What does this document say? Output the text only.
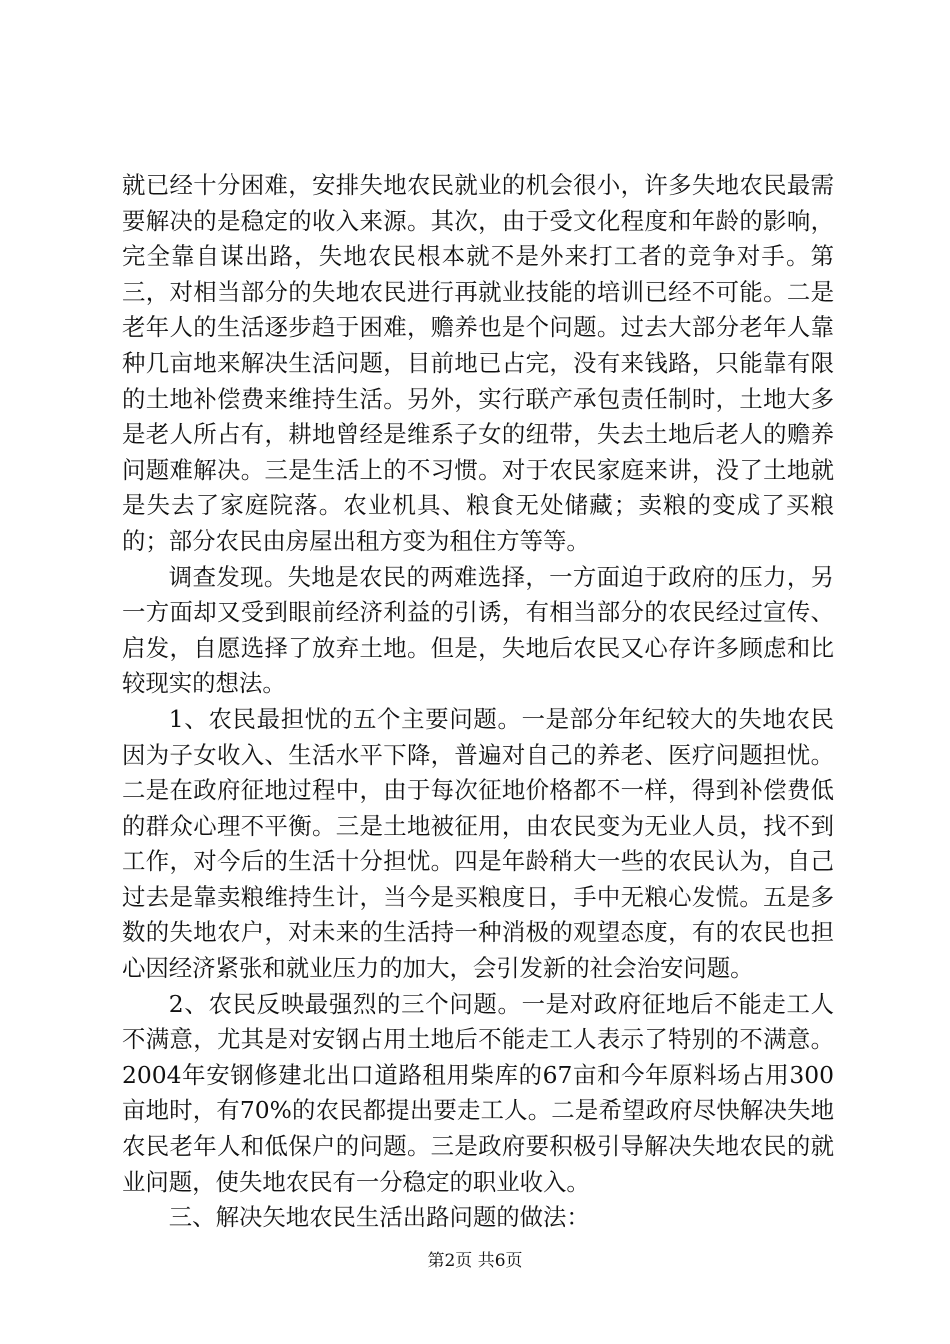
就已经十分困难，安排失地农民就业的机会很小，许多失地农民最需要解决的是稳定的收入来源。其次，由于受文化程度和年龄的影响，完全靠自谋出路，失地农民根本就不是外来打工者的竞争对手。第三，对相当部分的失地农民进行再就业技能的培训已经不可能。二是老年人的生活逐步趋于困难，赡养也是个问题。过去大部分老年人靠种几亩地来解决生活问题，目前地已占完，没有来钱路，只能靠有限的土地补偿费来维持生活。另外，实行联产承包责任制时，土地大多是老人所占有，耕地曾经是维系子女的纽带，失去土地后老人的赡养问题难解决。三是生活上的不习惯。对于农民家庭来讲，没了土地就是失去了家庭院落。农业机具、粮食无处储藏；卖粮的变成了买粮的；部分农民由房屋出租方变为租住方等等。

调查发现。失地是农民的两难选择，一方面迫于政府的压力，另一方面却又受到眼前经济利益的引诱，有相当部分的农民经过宣传、启发，自愿选择了放弃土地。但是，失地后农民又心存许多顾虑和比较现实的想法。

1、农民最担忧的五个主要问题。一是部分年纪较大的失地农民因为子女收入、生活水平下降，普遍对自己的养老、医疗问题担忧。二是在政府征地过程中，由于每次征地价格都不一样，得到补偿费低的群众心理不平衡。三是土地被征用，由农民变为无业人员，找不到工作，对今后的生活十分担忧。四是年龄稍大一些的农民认为，自己过去是靠卖粮维持生计，当今是买粮度日，手中无粮心发慌。五是多数的失地农户，对未来的生活持一种消极的观望态度，有的农民也担心因经济紧张和就业压力的加大，会引发新的社会治安问题。

2、农民反映最强烈的三个问题。一是对政府征地后不能走工人不满意，尤其是对安钢占用土地后不能走工人表示了特别的不满意。2004年安钢修建北出口道路租用柴库的67亩和今年原料场占用300亩地时，有70%的农民都提出要走工人。二是希望政府尽快解决失地农民老年人和低保户的问题。三是政府要积极引导解决失地农民的就业问题，使失地农民有一分稳定的职业收入。

三、解决矢地农民生活出路问题的做法：

第2页 共6页
